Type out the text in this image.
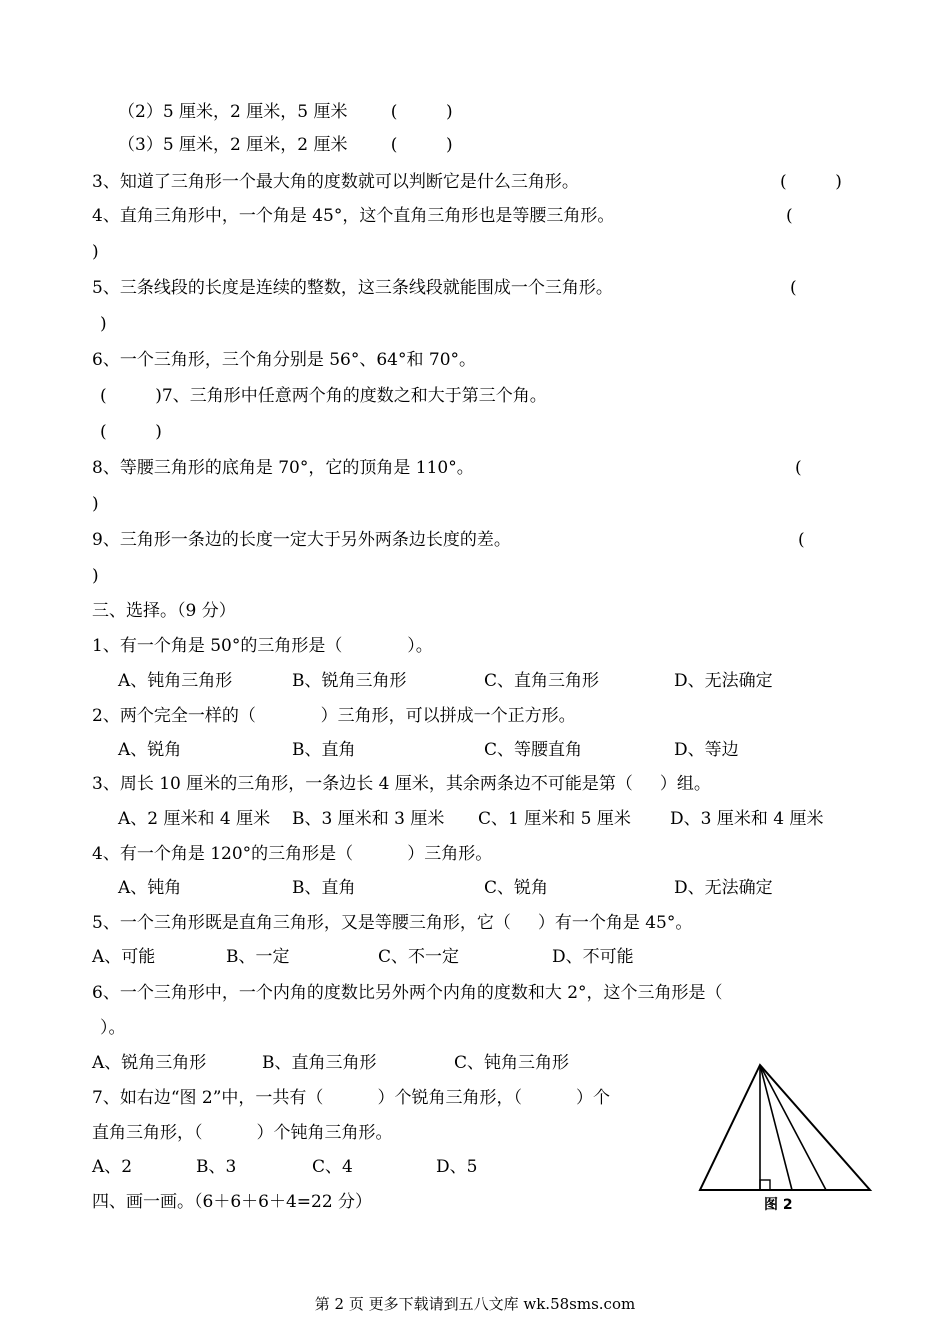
（2）5 厘米，2 厘米，5 厘米        (         )
（3）5 厘米，2 厘米，2 厘米        (         )
3、知道了三角形一个最大角的度数就可以判断它是什么三角形。	(         )
4、直角三角形中，一个角是 45°，这个直角三角形也是等腰三角形。	(
)
5、三条线段的长度是连续的整数，这三条线段就能围成一个三角形。	(
)
6、一个三角形，三个角分别是 56°、64°和 70°。
(         )7、三角形中任意两个角的度数之和大于第三个角。
(         )
8、等腰三角形的底角是 70°，它的顶角是 110°。	(
)
9、三角形一条边的长度一定大于另外两条边长度的差。	(
)
三、选择。（9 分）
1、有一个角是 50°的三角形是（            ）。
A、钝角三角形	B、锐角三角形	C、直角三角形	D、无法确定
2、两个完全一样的（            ）三角形，可以拼成一个正方形。
A、锐角	B、直角	C、等腰直角	D、等边
3、周长 10 厘米的三角形，一条边长 4 厘米，其余两条边不可能是第（     ）组。
A、2 厘米和 4 厘米 B、3 厘米和 3 厘米 C、1 厘米和 5 厘米 D、3 厘米和 4 厘米
4、有一个角是 120°的三角形是（          ）三角形。
A、钝角	B、直角	C、锐角	D、无法确定
5、一个三角形既是直角三角形，又是等腰三角形，它（     ）有一个角是 45°。
A、可能	B、一定	C、不一定	D、不可能
6、一个三角形中，一个内角的度数比另外两个内角的度数和大 2°，这个三角形是（
）。
A、锐角三角形	B、直角三角形	C、钝角三角形
7、如右边“图 2”中，一共有（          ）个锐角三角形，（          ）个
直角三角形，（          ）个钝角三角形。
A、2	B、3	C、4	D、5
四、画一画。（6＋6＋6＋4=22 分）	图 2
第 2 页 更多下载请到五八文库 wk.58sms.com
